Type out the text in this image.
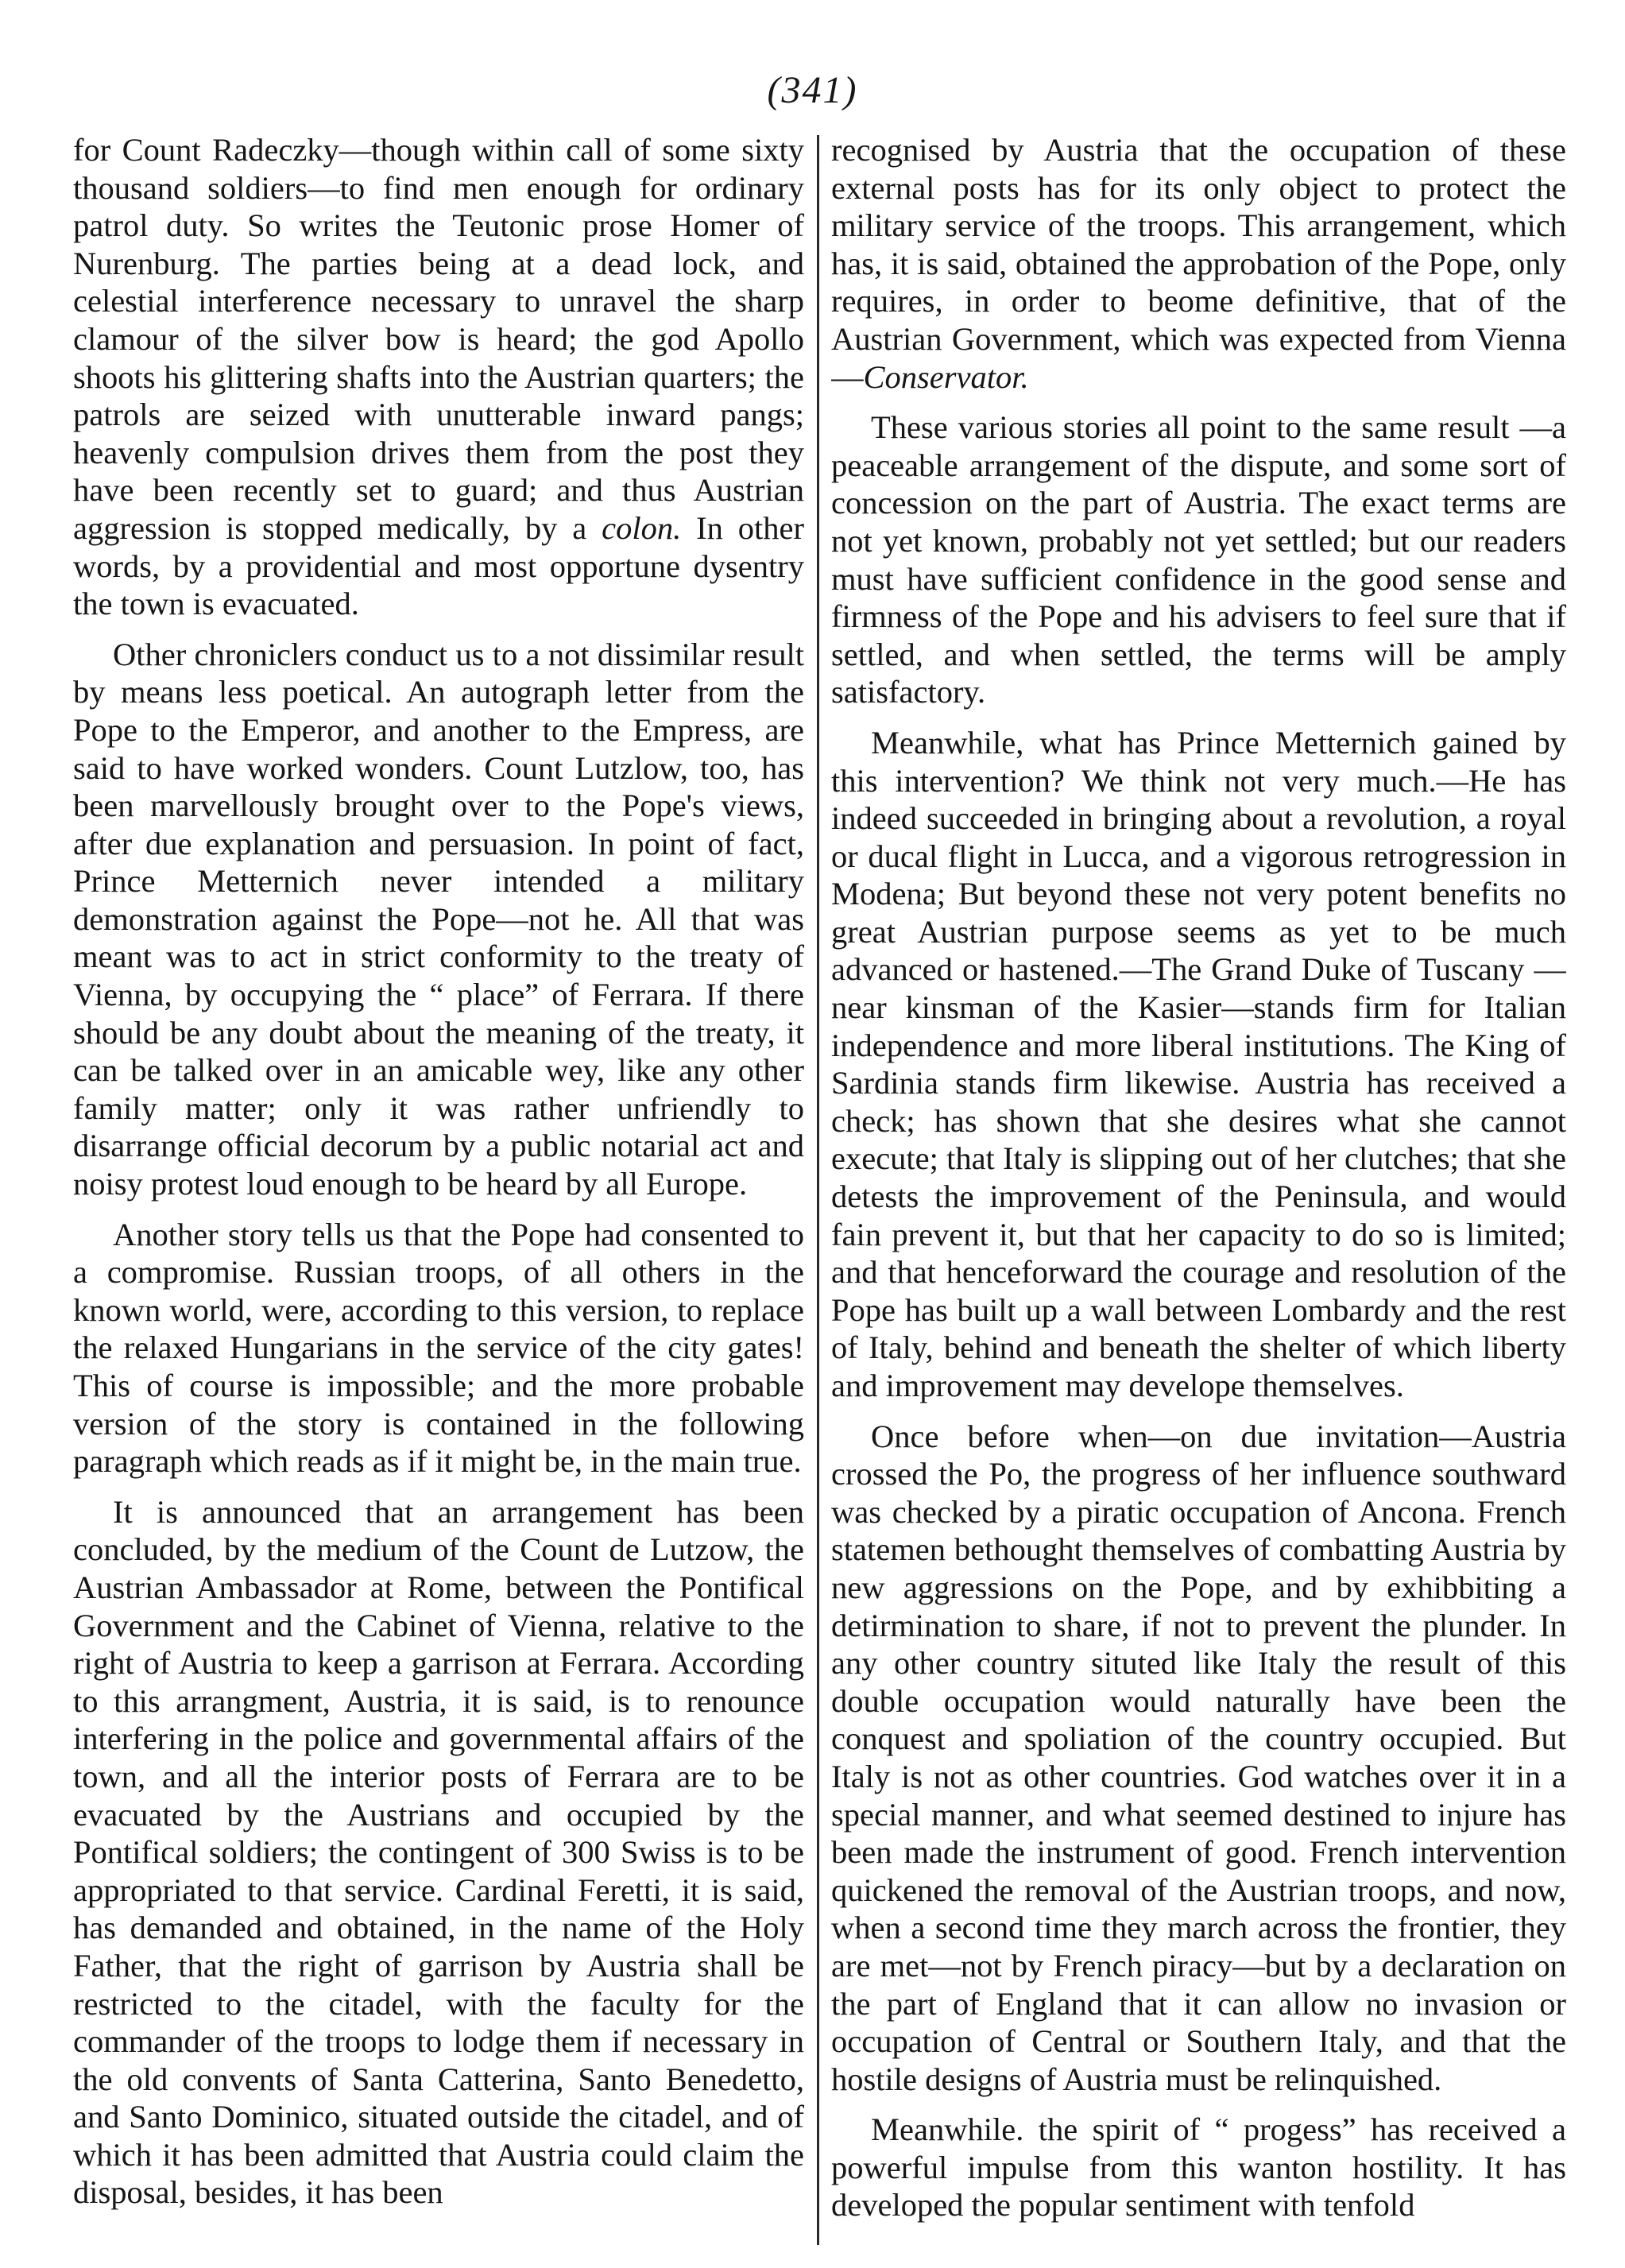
(341)

for Count Radeczky—though within call of some sixty thousand soldiers—to find men enough for ordinary patrol duty. So writes the Teutonic prose Homer of Nurenburg. The parties being at a dead lock, and celestial interference necessary to unravel the sharp clamour of the silver bow is heard; the god Apollo shoots his glittering shafts into the Austrian quarters; the patrols are seized with unutterable inward pangs; heavenly compulsion drives them from the post they have been recently set to guard; and thus Austrian aggression is stopped medically, by a colon. In other words, by a providential and most opportune dysentry the town is evacuated.

Other chroniclers conduct us to a not dissimilar result by means less poetical. An autograph letter from the Pope to the Emperor, and another to the Empress, are said to have worked wonders. Count Lutzlow, too, has been marvellously brought over to the Pope's views, after due explanation and persuasion. In point of fact, Prince Metternich never intended a military demonstration against the Pope—not he. All that was meant was to act in strict conformity to the treaty of Vienna, by occupying the “ place” of Ferrara. If there should be any doubt about the meaning of the treaty, it can be talked over in an amicable wey, like any other family matter; only it was rather unfriendly to disarrange official decorum by a public notarial act and noisy protest loud enough to be heard by all Europe.

Another story tells us that the Pope had consented to a compromise. Russian troops, of all others in the known world, were, according to this version, to replace the relaxed Hungarians in the service of the city gates! This of course is impossible; and the more probable version of the story is contained in the following paragraph which reads as if it might be, in the main true.

It is announced that an arrangement has been concluded, by the medium of the Count de Lutzow, the Austrian Ambassador at Rome, between the Pontifical Government and the Cabinet of Vienna, relative to the right of Austria to keep a garrison at Ferrara. According to this arrangment, Austria, it is said, is to renounce interfering in the police and governmental affairs of the town, and all the interior posts of Ferrara are to be evacuated by the Austrians and occupied by the Pontifical soldiers; the contingent of 300 Swiss is to be appropriated to that service. Cardinal Feretti, it is said, has demanded and obtained, in the name of the Holy Father, that the right of garrison by Austria shall be restricted to the citadel, with the faculty for the commander of the troops to lodge them if necessary in the old convents of Santa Catterina, Santo Benedetto, and Santo Dominico, situated outside the citadel, and of which it has been admitted that Austria could claim the disposal, besides, it has been

recognised by Austria that the occupation of these external posts has for its only object to protect the military service of the troops. This arrangement, which has, it is said, obtained the approbation of the Pope, only requires, in order to beome definitive, that of the Austrian Government, which was expected from Vienna —Conservator.

These various stories all point to the same result —a peaceable arrangement of the dispute, and some sort of concession on the part of Austria. The exact terms are not yet known, probably not yet settled; but our readers must have sufficient confidence in the good sense and firmness of the Pope and his advisers to feel sure that if settled, and when settled, the terms will be amply satisfactory.

Meanwhile, what has Prince Metternich gained by this intervention? We think not very much.—He has indeed succeeded in bringing about a revolution, a royal or ducal flight in Lucca, and a vigorous retrogression in Modena; But beyond these not very potent benefits no great Austrian purpose seems as yet to be much advanced or hastened.—The Grand Duke of Tuscany —near kinsman of the Kasier—stands firm for Italian independence and more liberal institutions. The King of Sardinia stands firm likewise. Austria has received a check; has shown that she desires what she cannot execute; that Italy is slipping out of her clutches; that she detests the improvement of the Peninsula, and would fain prevent it, but that her capacity to do so is limited; and that henceforward the courage and resolution of the Pope has built up a wall between Lombardy and the rest of Italy, behind and beneath the shelter of which liberty and improvement may develope themselves.

Once before when—on due invitation—Austria crossed the Po, the progress of her influence southward was checked by a piratic occupation of Ancona. French statemen bethought themselves of combatting Austria by new aggressions on the Pope, and by exhibbiting a detirmination to share, if not to prevent the plunder. In any other country situted like Italy the result of this double occupation would naturally have been the conquest and spoliation of the country occupied. But Italy is not as other countries. God watches over it in a special manner, and what seemed destined to injure has been made the instrument of good. French intervention quickened the removal of the Austrian troops, and now, when a second time they march across the frontier, they are met—not by French piracy—but by a declaration on the part of England that it can allow no invasion or occupation of Central or Southern Italy, and that the hostile designs of Austria must be relinquished.

Meanwhile. the spirit of “ progess” has received a powerful impulse from this wanton hostility. It has developed the popular sentiment with tenfold
